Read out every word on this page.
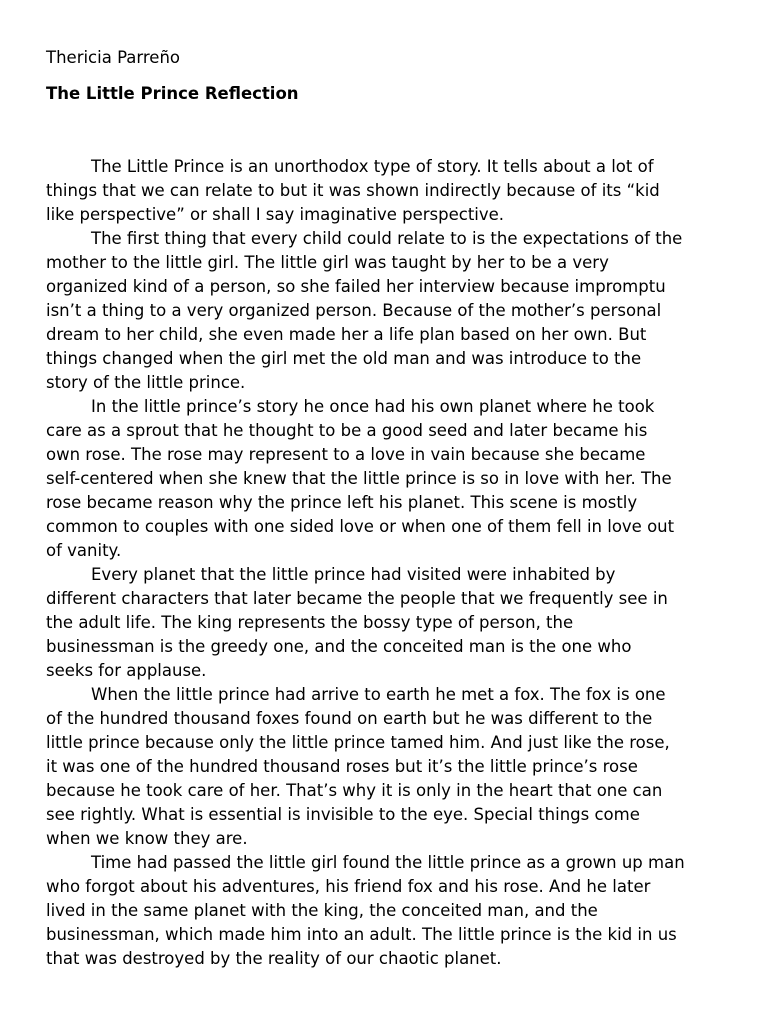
Thericia Parreño
The Little Prince Reflection
The Little Prince is an unorthodox type of story. It tells about a lot of
things that we can relate to but it was shown indirectly because of its “kid
like perspective” or shall I say imaginative perspective.
The first thing that every child could relate to is the expectations of the
mother to the little girl. The little girl was taught by her to be a very
organized kind of a person, so she failed her interview because impromptu
isn’t a thing to a very organized person. Because of the mother’s personal
dream to her child, she even made her a life plan based on her own. But
things changed when the girl met the old man and was introduce to the
story of the little prince.
In the little prince’s story he once had his own planet where he took
care as a sprout that he thought to be a good seed and later became his
own rose. The rose may represent to a love in vain because she became
self-centered when she knew that the little prince is so in love with her. The
rose became reason why the prince left his planet. This scene is mostly
common to couples with one sided love or when one of them fell in love out
of vanity.
Every planet that the little prince had visited were inhabited by
different characters that later became the people that we frequently see in
the adult life. The king represents the bossy type of person, the
businessman is the greedy one, and the conceited man is the one who
seeks for applause.
When the little prince had arrive to earth he met a fox. The fox is one
of the hundred thousand foxes found on earth but he was different to the
little prince because only the little prince tamed him. And just like the rose,
it was one of the hundred thousand roses but it’s the little prince’s rose
because he took care of her. That’s why it is only in the heart that one can
see rightly. What is essential is invisible to the eye. Special things come
when we know they are.
Time had passed the little girl found the little prince as a grown up man
who forgot about his adventures, his friend fox and his rose. And he later
lived in the same planet with the king, the conceited man, and the
businessman, which made him into an adult. The little prince is the kid in us
that was destroyed by the reality of our chaotic planet.
